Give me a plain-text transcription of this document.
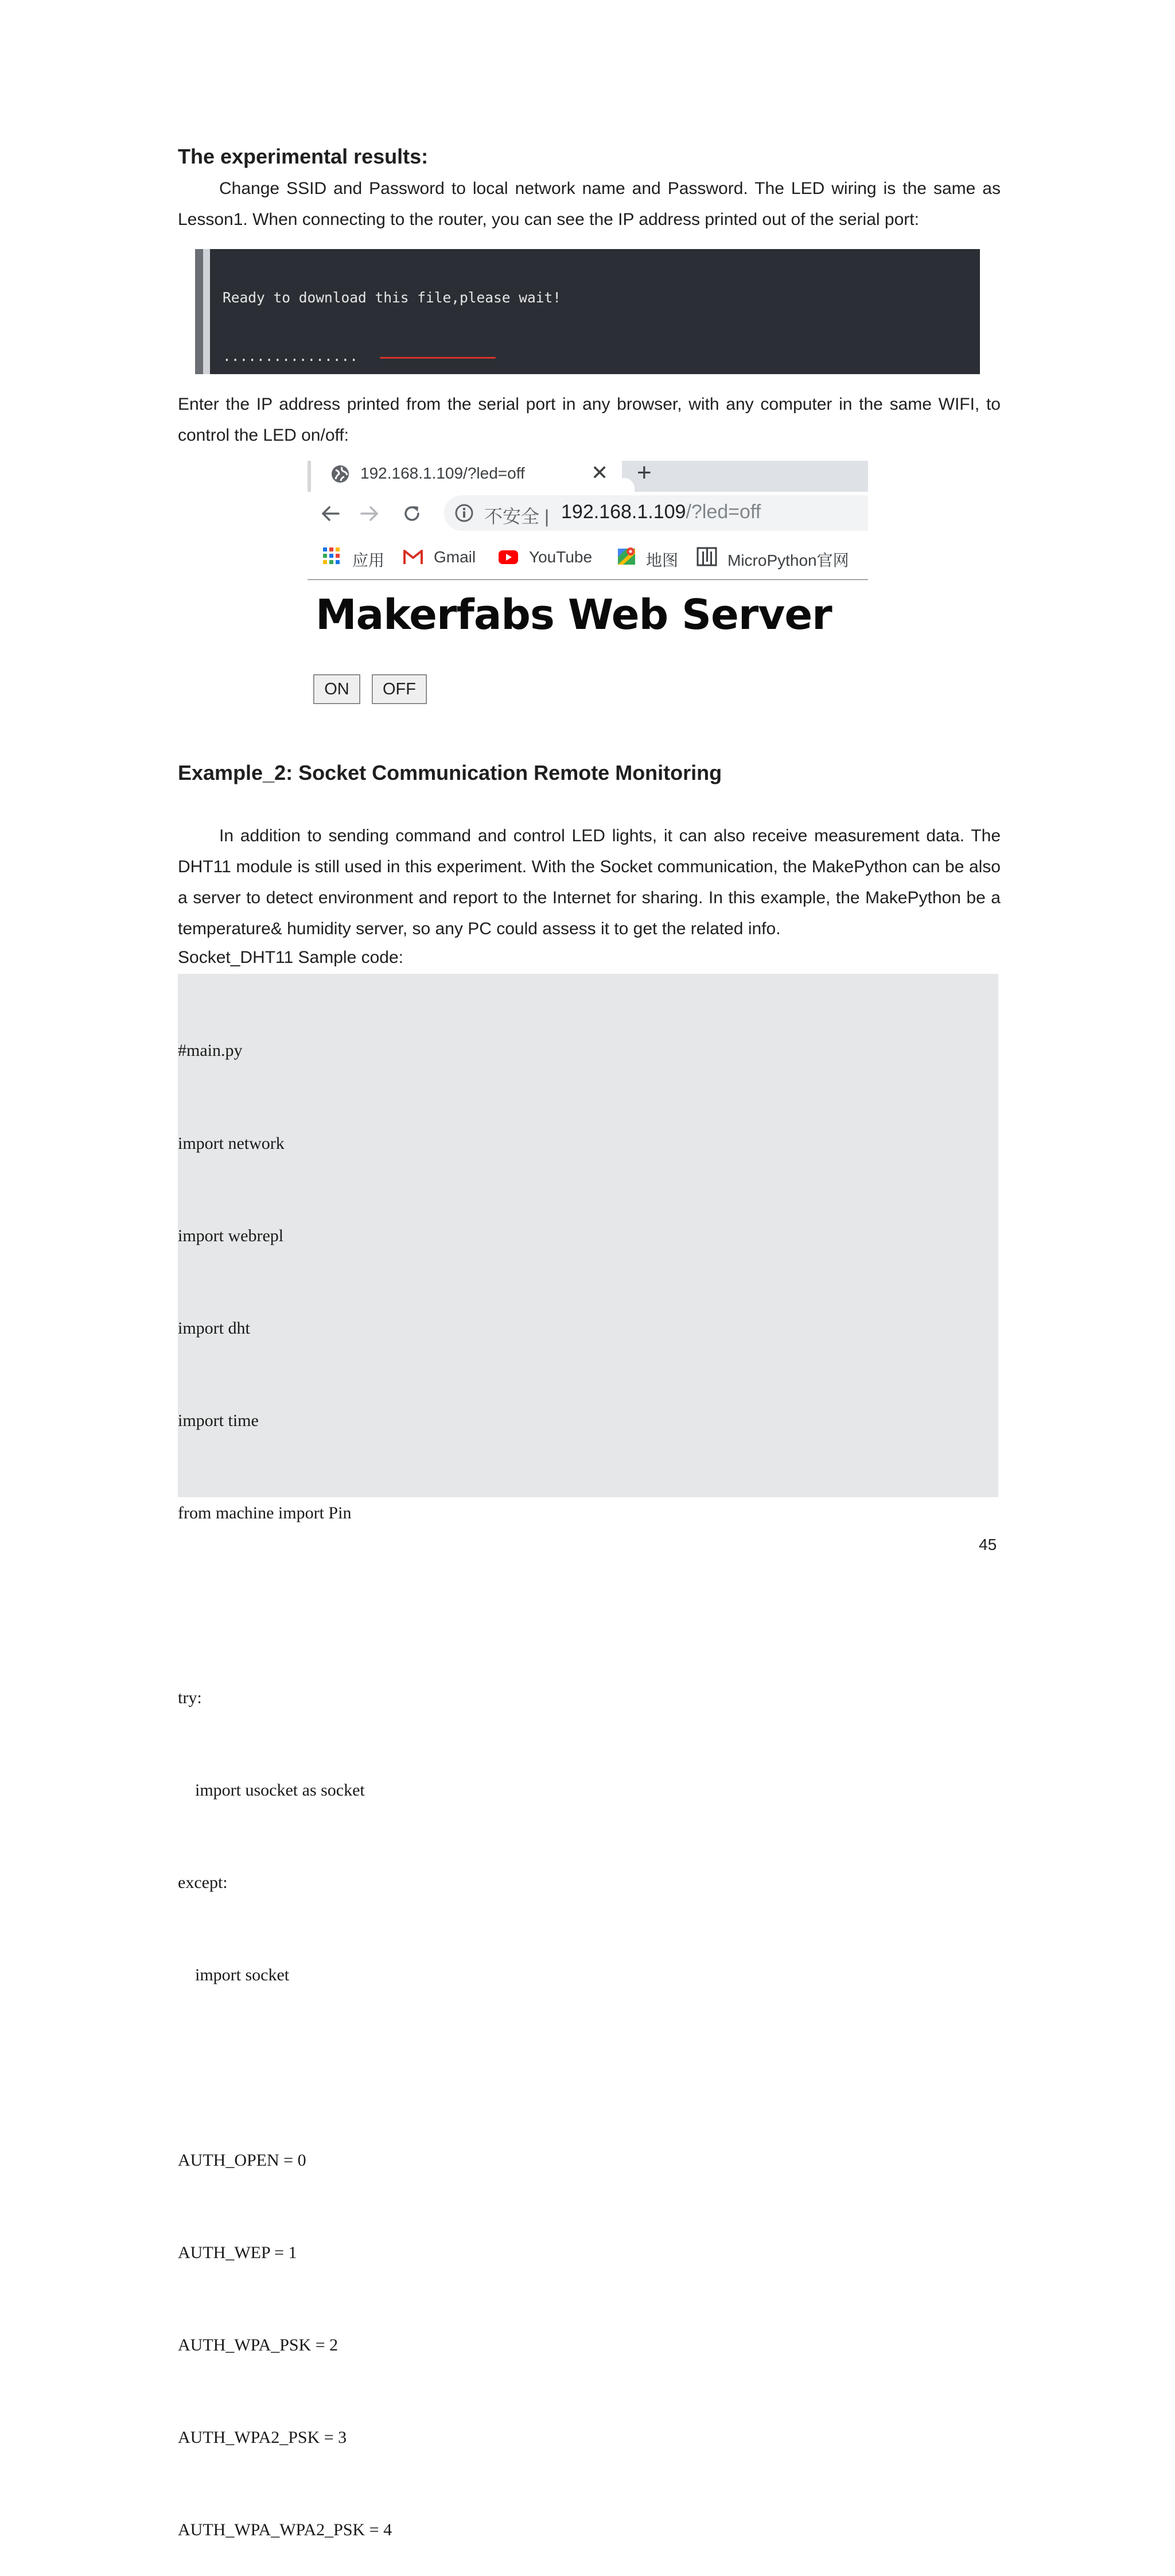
The experimental results:
Change SSID and Password to local network name and Password. The LED wiring is the same as Lesson1. When connecting to the router, you can see the IP address printed out of the serial port:

Ready to download this file,please wait!

................

Enter the IP address printed from the serial port in any browser, with any computer in the same WIFI, to control the LED on/off:
192.168.1.109/?led=off	✕ +
不安全 | 192.168.1.109/?led=off
应用	Gmail	YouTube	地图	MicroPython官网
Makerfabs Web Server
ON	OFF
Example_2: Socket Communication Remote Monitoring
In addition to sending command and control LED lights, it can also receive measurement data. The DHT11 module is still used in this experiment. With the Socket communication, the MakePython can be also a server to detect environment and report to the Internet for sharing. In this example, the MakePython be a temperature& humidity server, so any PC could assess it to get the related info.
Socket_DHT11 Sample code:

#main.py

import network

import webrepl

import dht

import time

from machine import Pin

try:

import usocket as socket

except:

import socket

AUTH_OPEN = 0

AUTH_WEP = 1

AUTH_WPA_PSK = 2

AUTH_WPA2_PSK = 3

AUTH_WPA_WPA2_PSK = 4

45
